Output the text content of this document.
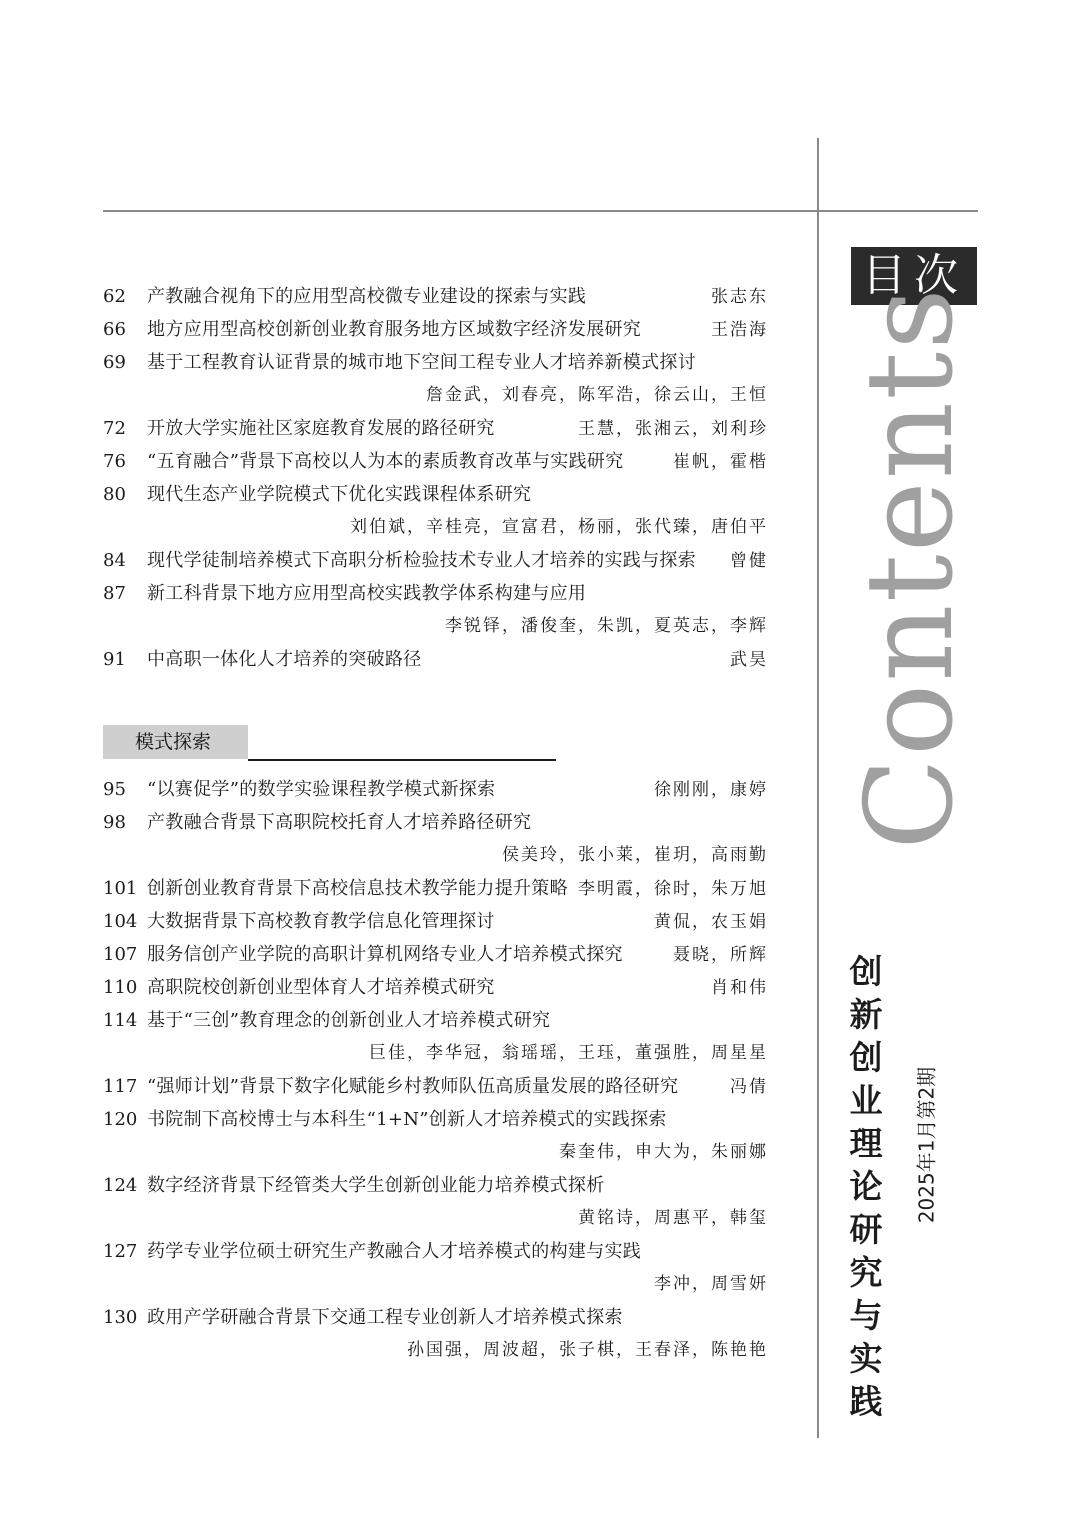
62	产教融合视角下的应用型高校微专业建设的探索与实践	张志东
66	地方应用型高校创新创业教育服务地方区域数字经济发展研究	王浩海
69	基于工程教育认证背景的城市地下空间工程专业人才培养新模式探讨
詹金武，刘春亮，陈军浩，徐云山，王恒
72	开放大学实施社区家庭教育发展的路径研究	王慧，张湘云，刘利珍
76	“五育融合”背景下高校以人为本的素质教育改革与实践研究	崔帆，霍楷
80	现代生态产业学院模式下优化实践课程体系研究
刘伯斌，辛桂亮，宣富君，杨丽，张代臻，唐伯平
84	现代学徒制培养模式下高职分析检验技术专业人才培养的实践与探索	曾健
87	新工科背景下地方应用型高校实践教学体系构建与应用
李锐铎，潘俊奎，朱凯，夏英志，李辉
91	中高职一体化人才培养的突破路径	武昊
模式探索
95	“以赛促学”的数学实验课程教学模式新探索	徐刚刚，康婷
98	产教融合背景下高职院校托育人才培养路径研究
侯美玲，张小莱，崔玥，高雨勤
101 创新创业教育背景下高校信息技术教学能力提升策略 李明霞，徐时，朱万旭
104 大数据背景下高校教育教学信息化管理探讨	黄侃，农玉娟
107 服务信创产业学院的高职计算机网络专业人才培养模式探究	聂晓，所辉
110 高职院校创新创业型体育人才培养模式研究	肖和伟
114 基于“三创”教育理念的创新创业人才培养模式研究
巨佳，李华冠，翁瑶瑶，王珏，董强胜，周星星
117 “强师计划”背景下数字化赋能乡村教师队伍高质量发展的路径研究	冯倩
120 书院制下高校博士与本科生“1+N”创新人才培养模式的实践探索
秦奎伟，申大为，朱丽娜
124 数字经济背景下经管类大学生创新创业能力培养模式探析
黄铭诗，周惠平，韩玺
127 药学专业学位硕士研究生产教融合人才培养模式的构建与实践
李冲，周雪妍
130 政用产学研融合背景下交通工程专业创新人才培养模式探索
孙国强，周波超，张子棋，王春泽，陈艳艳
目次
Contents
创新创业理论研究与实践
2025年1月第2期
